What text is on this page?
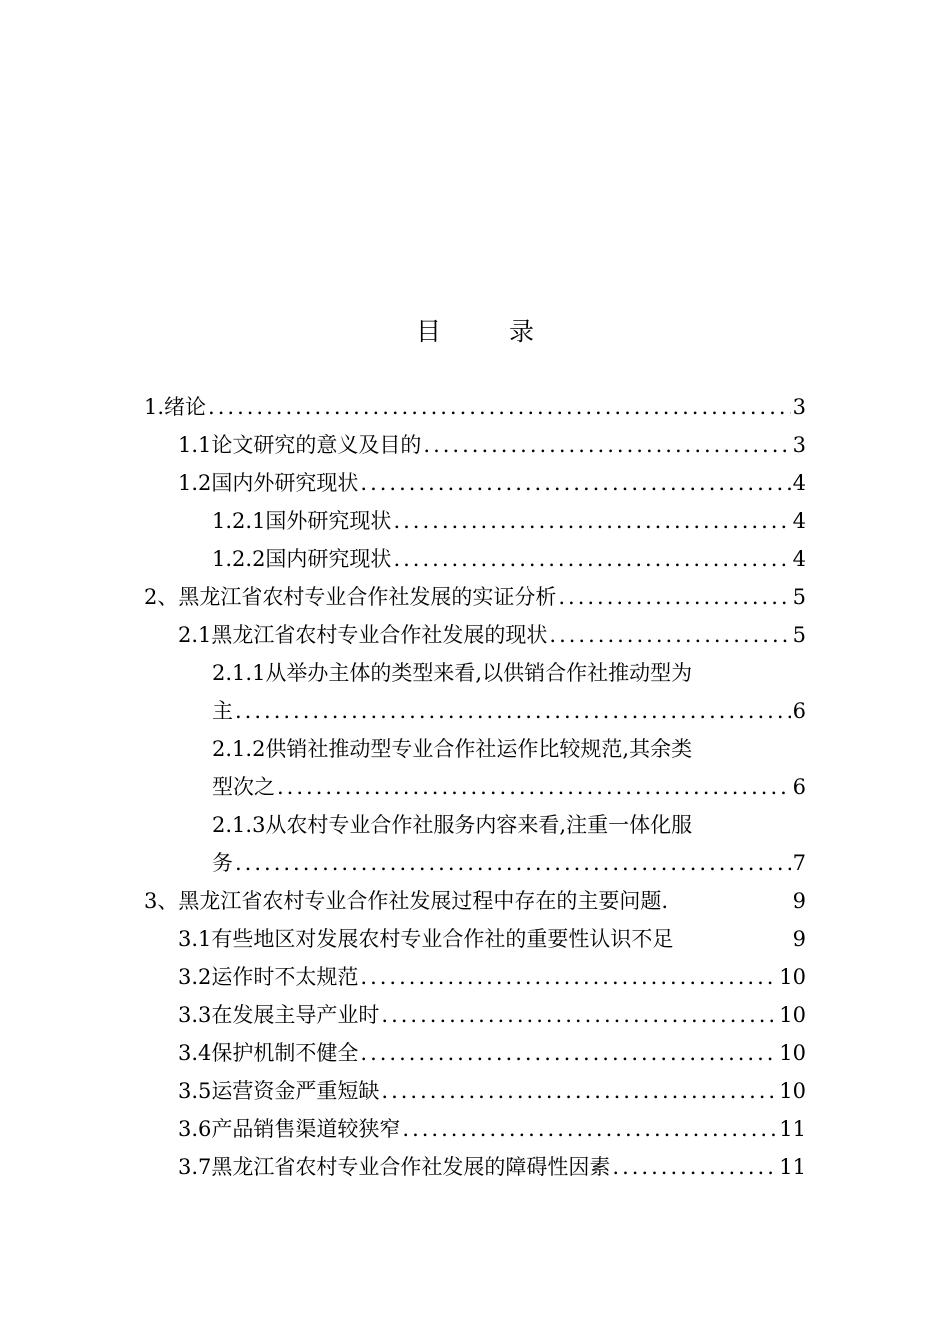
目 录
1.绪论 .....	3
1.1论文研究的意义及目的 .....	3
1.2国内外研究现状 .....	4
1.2.1国外研究现状 .....	4
1.2.2国内研究现状 .....	4
2、黑龙江省农村专业合作社发展的实证分析 .....	5
2.1黑龙江省农村专业合作社发展的现状 .....	5
2.1.1从举办主体的类型来看,以供销合作社推动型为
主 .....	6
2.1.2供销社推动型专业合作社运作比较规范,其余类
型次之 .....	6
2.1.3从农村专业合作社服务内容来看,注重一体化服
务 .....	7
3、黑龙江省农村专业合作社发展过程中存在的主要问题.	9
3.1有些地区对发展农村专业合作社的重要性认识不足	9
3.2运作时不太规范 .....	10
3.3在发展主导产业时 .....	10
3.4保护机制不健全 .....	10
3.5运营资金严重短缺 .....	10
3.6产品销售渠道较狭窄 .....	11
3.7黑龙江省农村专业合作社发展的障碍性因素 .....	11
